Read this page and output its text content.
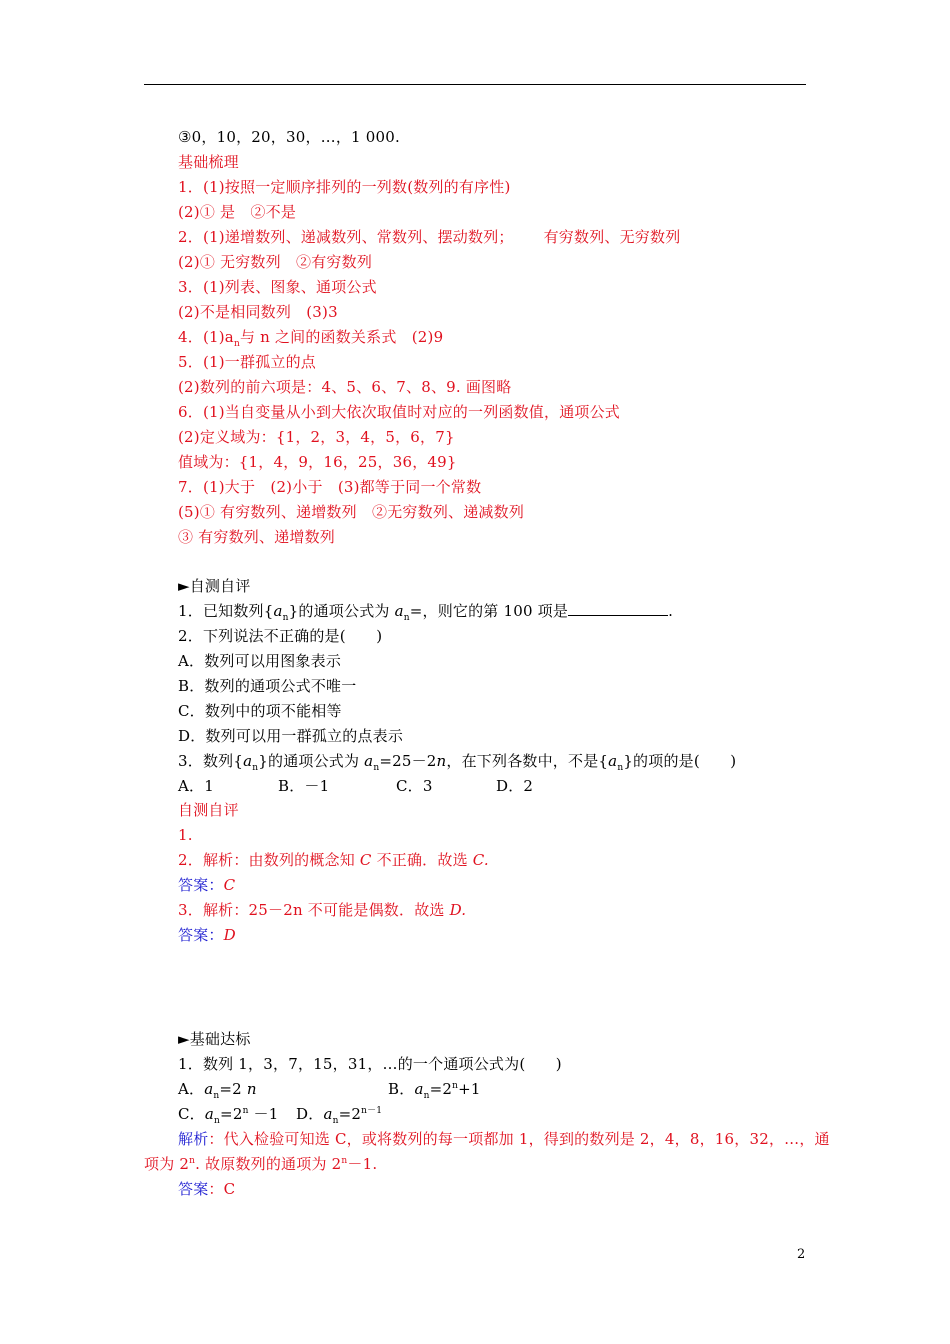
③0，10，20，30，…，1 000.
基础梳理
1．(1)按照一定顺序排列的一列数(数列的有序性)
(2)① 是　②不是
2．(1)递增数列、递减数列、常数列、摆动数列； 有穷数列、无穷数列
(2)① 无穷数列　②有穷数列
3．(1)列表、图象、通项公式
(2)不是相同数列　(3)3
4．$(1)a_n$与 n 之间的函数关系式　(2)9
5．(1)一群孤立的点
(2)数列的前六项是：4、5、6、7、8、9. 画图略
6．(1)当自变量从小到大依次取值时对应的一列函数值，通项公式
(2)定义域为：{1，2，3，4，5，6，7}
值域为：{1，4，9，16，25，36，49}
7．(1)大于　(2)小于　(3)都等于同一个常数
(5)① 有穷数列、递增数列　②无穷数列、递减数列
③ 有穷数列、递增数列
►自测自评
1．已知数列$\{a_n\}$的通项公式为 $a_n=$，则它的第 100 项是	.
2．下列说法不正确的是(　　)
A．数列可以用图象表示
B．数列的通项公式不唯一
C．数列中的项不能相等
D．数列可以用一群孤立的点表示
3．数列$\{a_n\}$的通项公式为 $a_n=25-2n$，在下列各数中，不是$\{a_n\}$的项的是(　　)
A．1	B．－1	C．3	D．2
自测自评
1.
2．解析：由数列的概念知 C 不正确．故选 C.
答案：C
3．解析：25－2n 不可能是偶数．故选 D.
答案：D
►基础达标
1．数列 1，3，7，15，31，…的一个通项公式为(　　)
A．$a_n=2$ n	B．$a_n=2^n+1$
C．$a_n=2^n -1$ D．$a_n=2^{n-1}$
解析：代入检验可知选 C，或将数列的每一项都加 1，得到的数列是 2，4，8，16，32，…，通
项为 2$^n$. 故原数列的通项为 $2^n-1$.
答案：C
2
